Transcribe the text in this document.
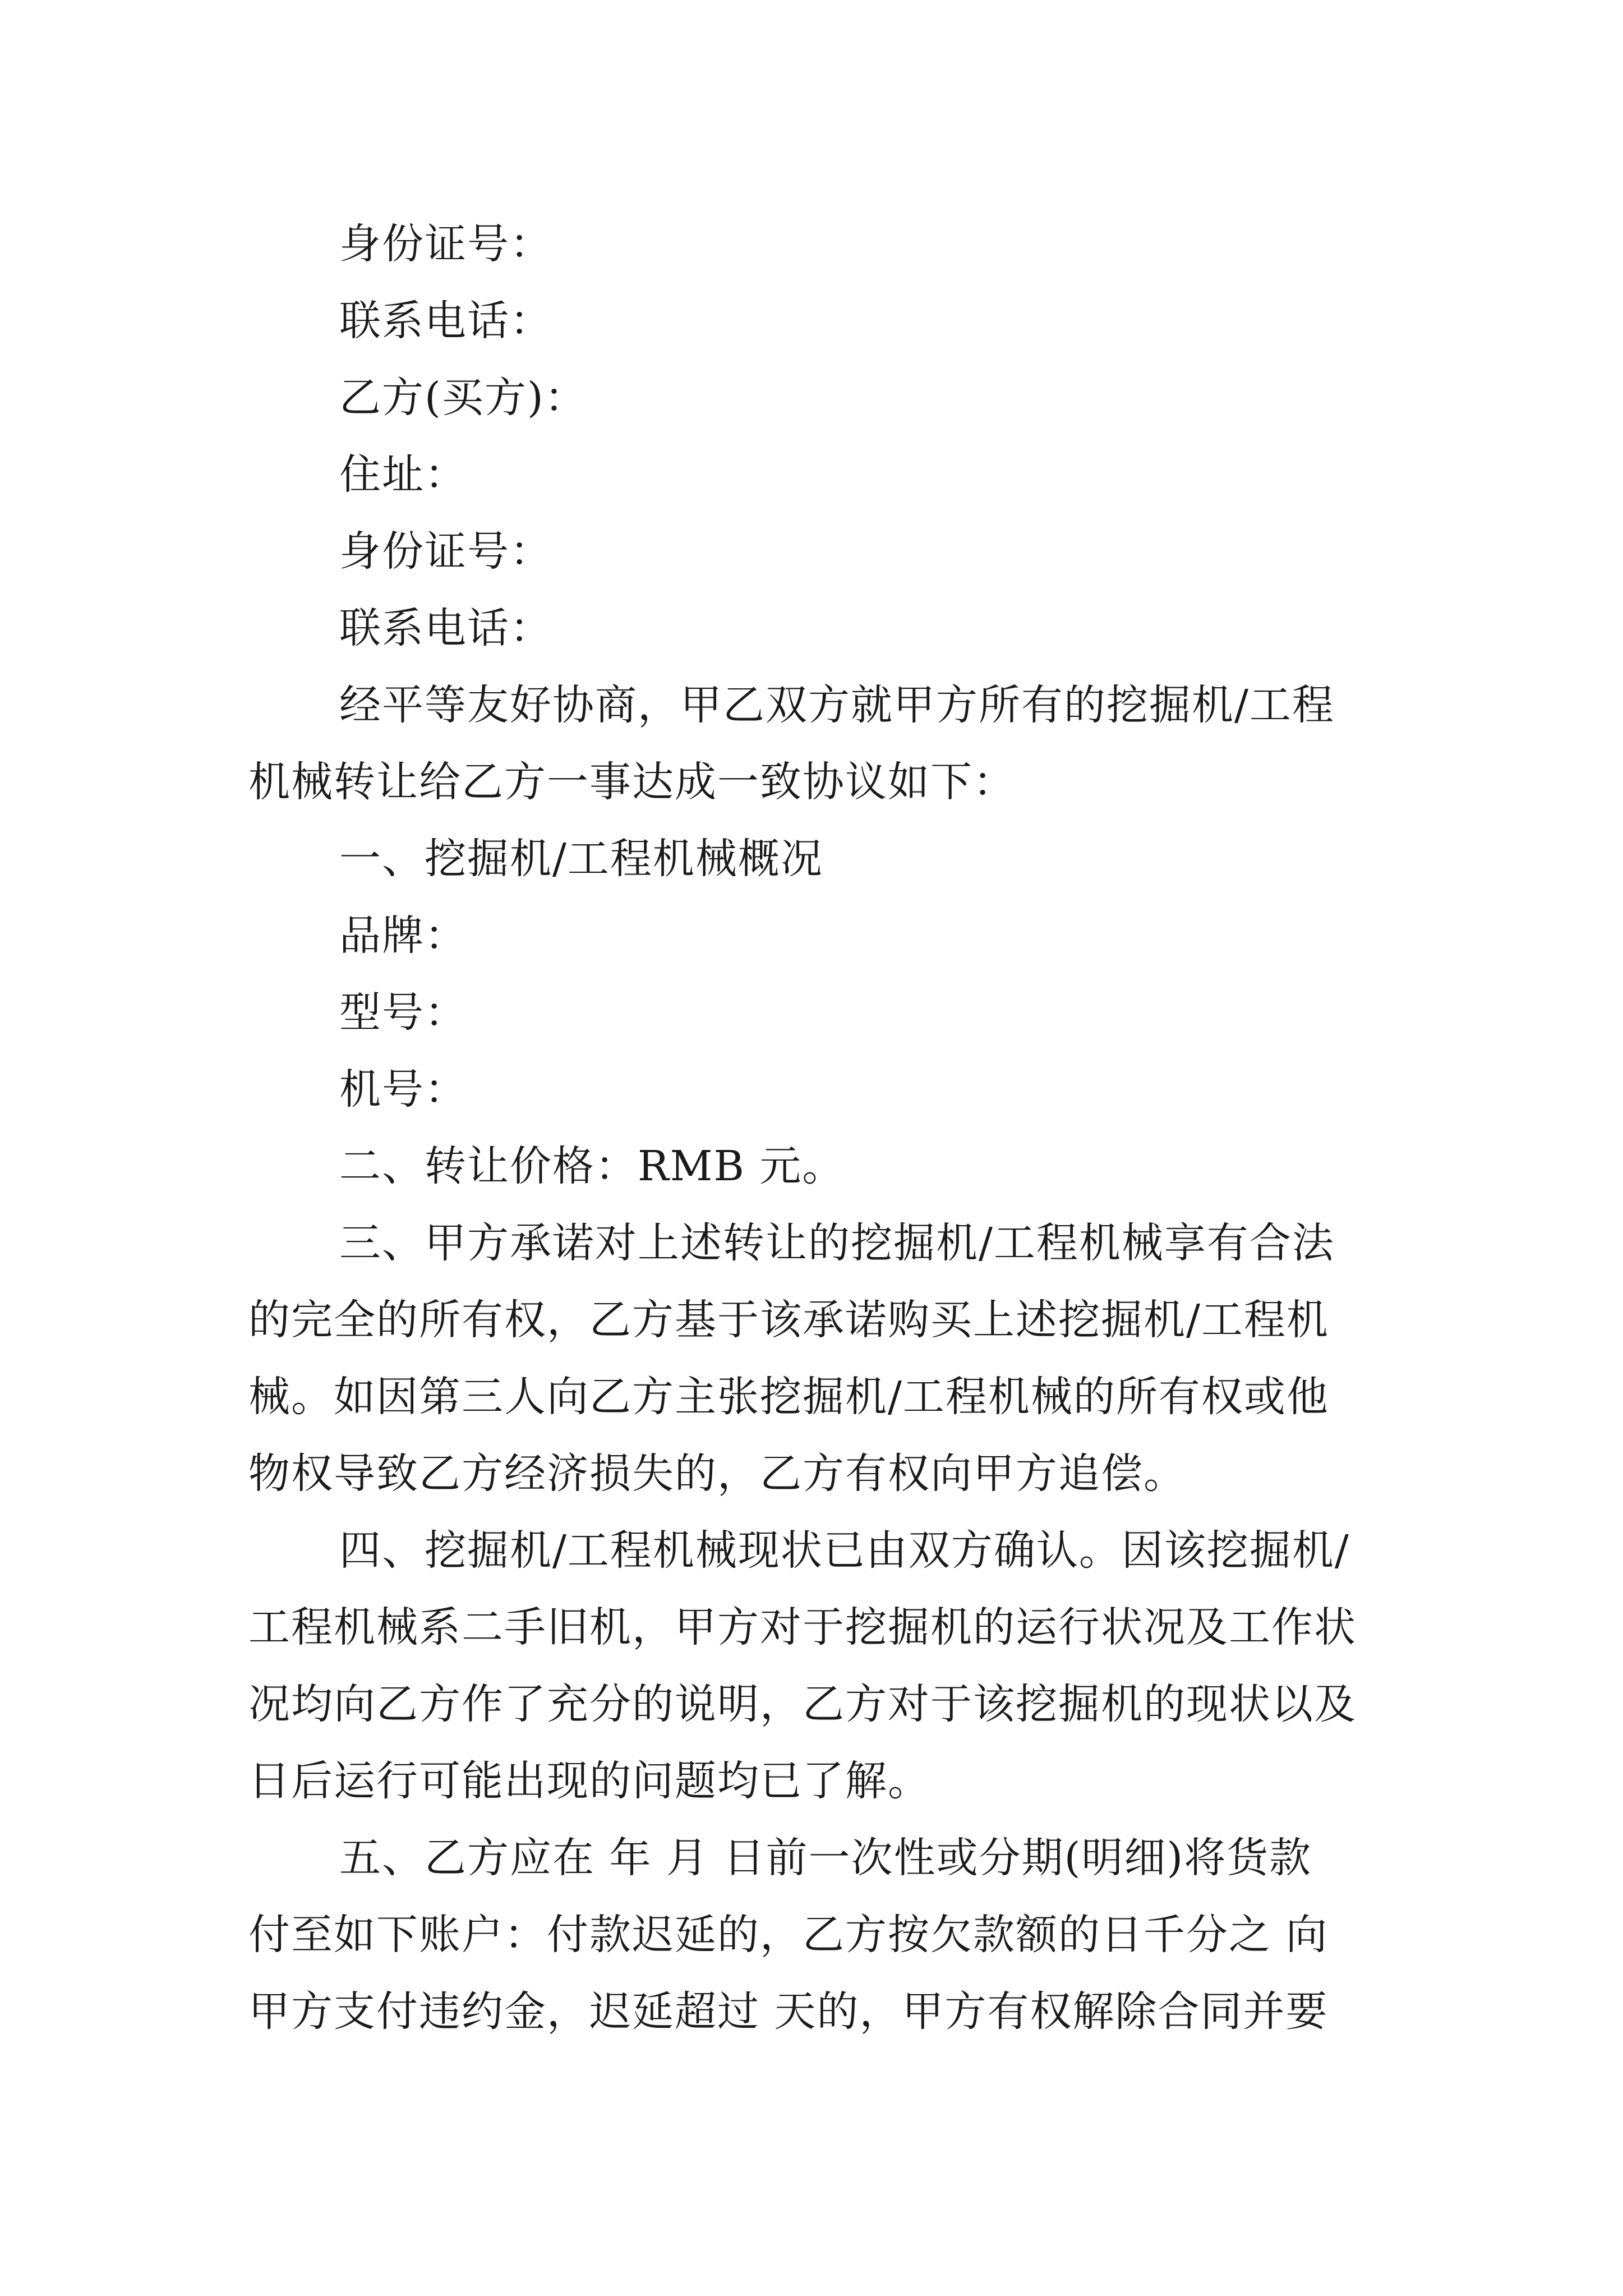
身份证号：
联系电话：
乙方(买方)：
住址：
身份证号：
联系电话：
经平等友好协商，甲乙双方就甲方所有的挖掘机/工程
机械转让给乙方一事达成一致协议如下：
一、挖掘机/工程机械概况
品牌：
型号：
机号：
二、转让价格：RMB 元。
三、甲方承诺对上述转让的挖掘机/工程机械享有合法
的完全的所有权，乙方基于该承诺购买上述挖掘机/工程机
械。如因第三人向乙方主张挖掘机/工程机械的所有权或他
物权导致乙方经济损失的，乙方有权向甲方追偿。
四、挖掘机/工程机械现状已由双方确认。因该挖掘机/
工程机械系二手旧机，甲方对于挖掘机的运行状况及工作状
况均向乙方作了充分的说明，乙方对于该挖掘机的现状以及
日后运行可能出现的问题均已了解。
五、乙方应在 年 月 日前一次性或分期(明细)将货款
付至如下账户：付款迟延的，乙方按欠款额的日千分之 向
甲方支付违约金，迟延超过 天的，甲方有权解除合同并要
